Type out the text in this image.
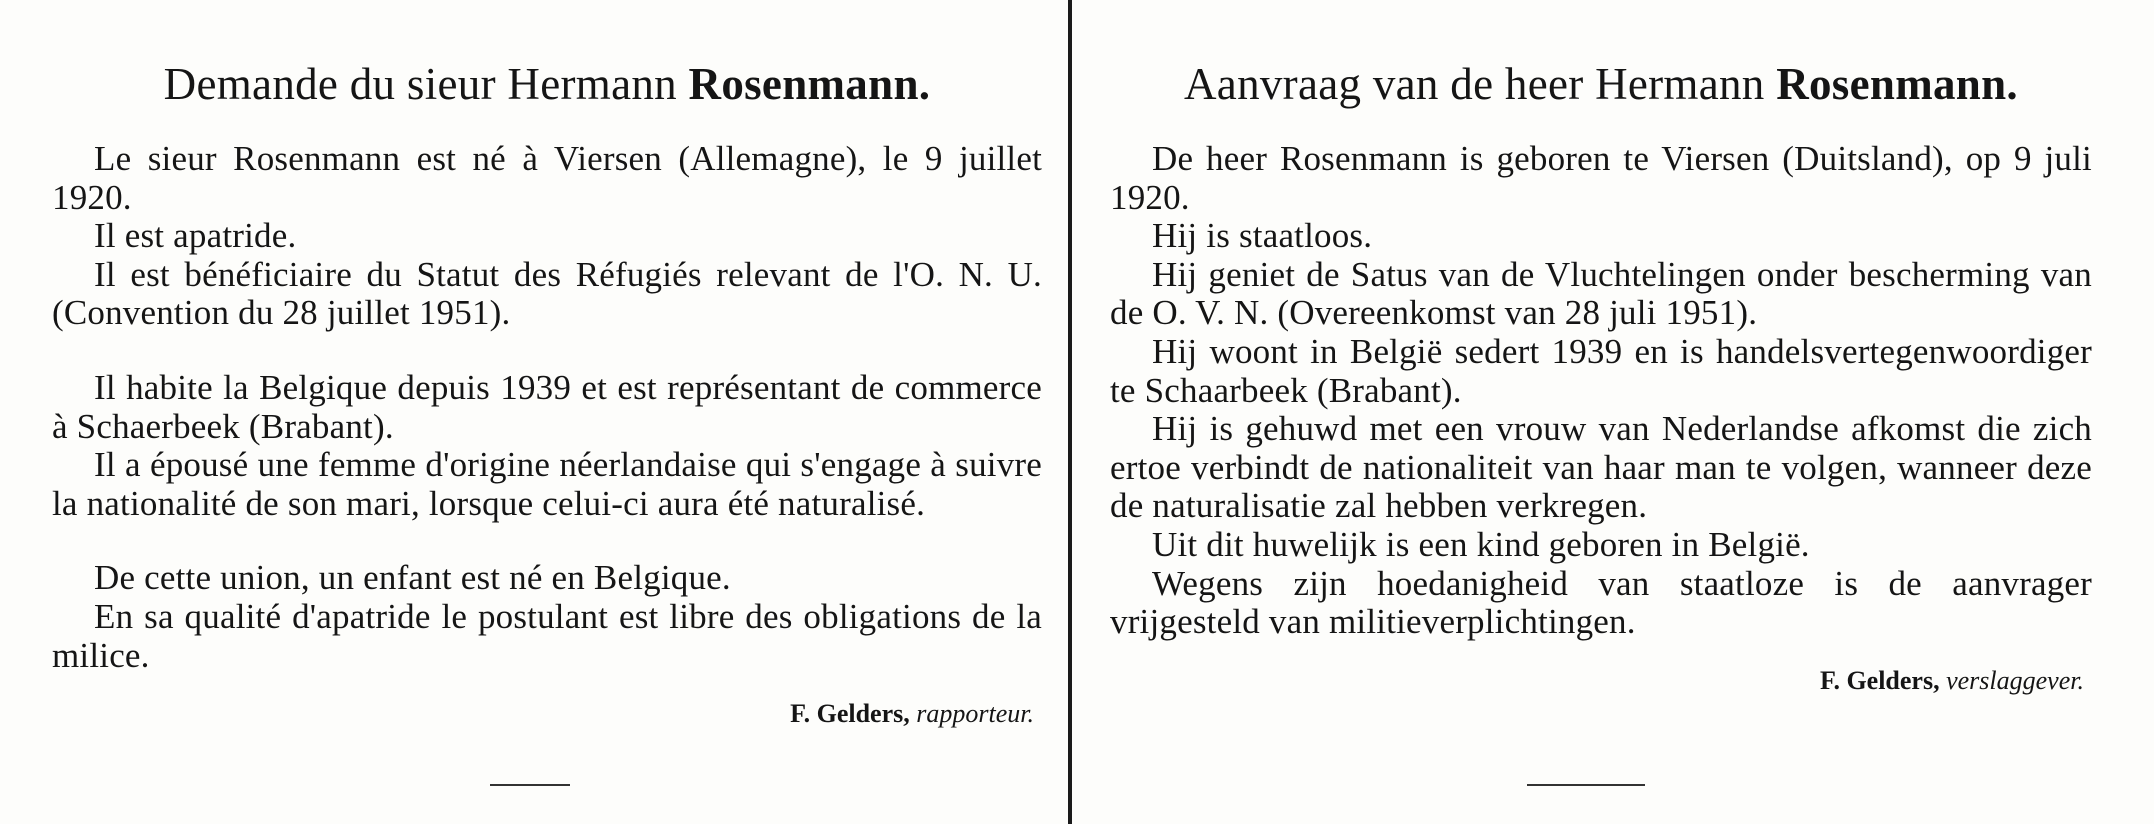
Demande du sieur Hermann Rosenmann.

Le sieur Rosenmann est né à Viersen (Allemagne), le 9 juillet 1920.

Il est apatride.

Il est bénéficiaire du Statut des Réfugiés relevant de l'O. N. U. (Convention du 28 juillet 1951).

Il habite la Belgique depuis 1939 et est représentant de commerce à Schaerbeek (Brabant).

Il a épousé une femme d'origine néerlandaise qui s'engage à suivre la nationalité de son mari, lorsque celui-ci aura été naturalisé.

De cette union, un enfant est né en Belgique.

En sa qualité d'apatride le postulant est libre des obligations de la milice.

F. Gelders, rapporteur.
Aanvraag van de heer Hermann Rosenmann.

De heer Rosenmann is geboren te Viersen (Duitsland), op 9 juli 1920.

Hij is staatloos.

Hij geniet de Satus van de Vluchtelingen onder bescherming van de O. V. N. (Overeenkomst van 28 juli 1951).

Hij woont in België sedert 1939 en is handelsvertegenwoordiger te Schaarbeek (Brabant).

Hij is gehuwd met een vrouw van Nederlandse afkomst die zich ertoe verbindt de nationaliteit van haar man te volgen, wanneer deze de naturalisatie zal hebben verkregen.

Uit dit huwelijk is een kind geboren in België.

Wegens zijn hoedanigheid van staatloze is de aanvrager vrijgesteld van militieverplichtingen.

F. Gelders, verslaggever.
